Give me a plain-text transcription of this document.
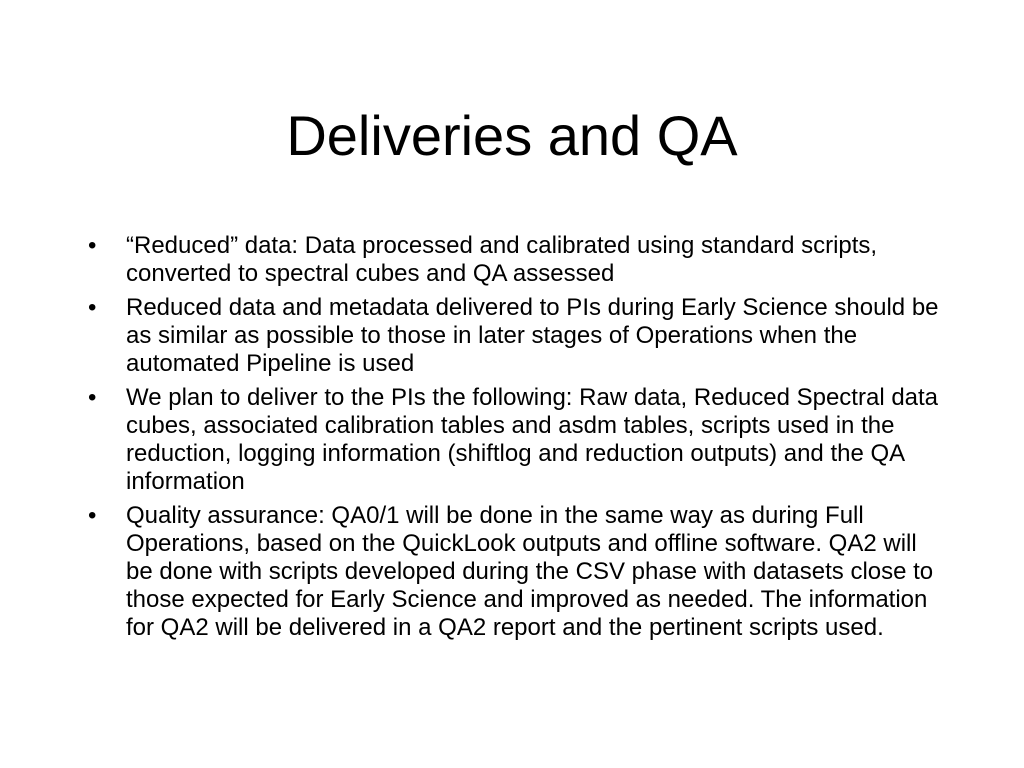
Deliveries and QA
• “Reduced” data: Data processed and calibrated using standard scripts, converted to spectral cubes and QA assessed
• Reduced data and metadata delivered to PIs during Early Science should be as similar as possible to those in later stages of Operations when the automated Pipeline is used
• We plan to deliver to the PIs the following: Raw data, Reduced Spectral data cubes, associated calibration tables and asdm tables, scripts used in the reduction, logging information (shiftlog and reduction outputs) and the QA information
• Quality assurance: QA0/1 will be done in the same way as during Full Operations, based on the QuickLook outputs and offline software. QA2 will be done with scripts developed during the CSV phase with datasets close to those expected for Early Science and improved as needed. The information for QA2 will be delivered in a QA2 report and the pertinent scripts used.
